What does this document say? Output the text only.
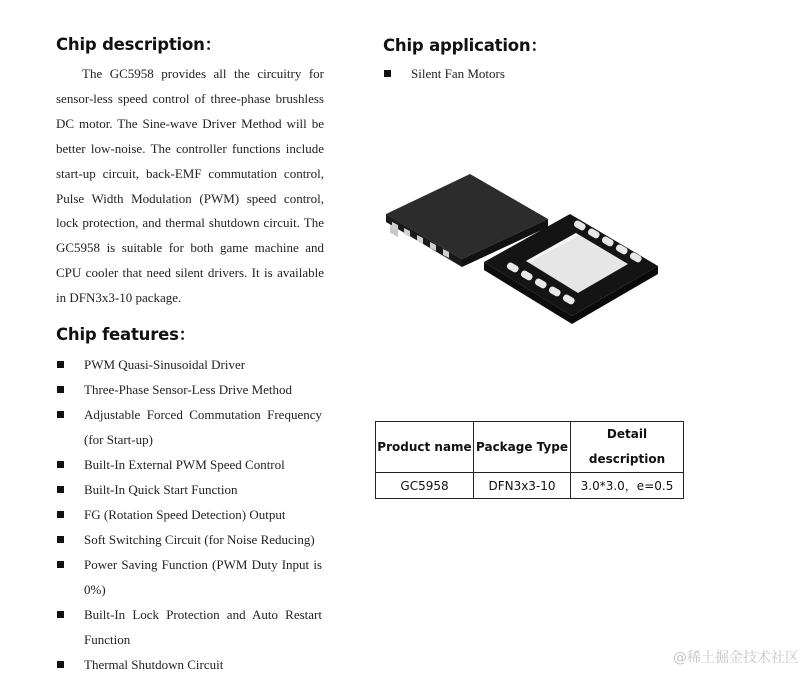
Chip description：

The GC5958 provides all the circuitry for sensor-less speed control of three-phase brushless DC motor. The Sine-wave Driver Method will be better low-noise. The controller functions include start-up circuit, back-EMF commutation control, Pulse Width Modulation (PWM) speed control, lock protection, and thermal shutdown circuit. The GC5958 is suitable for both game machine and CPU cooler that need silent drivers. It is available in DFN3x3-10 package.

Chip features：
PWM Quasi-Sinusoidal Driver
Three-Phase Sensor-Less Drive Method
Adjustable Forced Commutation Frequency (for Start-up)
Built-In External PWM Speed Control
Built-In Quick Start Function
FG (Rotation Speed Detection) Output
Soft Switching Circuit (for Noise Reducing)
Power Saving Function (PWM Duty Input is 0%)
Built-In Lock Protection and Auto Restart Function
Thermal Shutdown Circuit
Chip application：
Silent Fan Motors
Product name	Package Type	Detail description
GC5958	DFN3x3-10	3.0*3.0，e=0.5
@稀土掘金技术社区
